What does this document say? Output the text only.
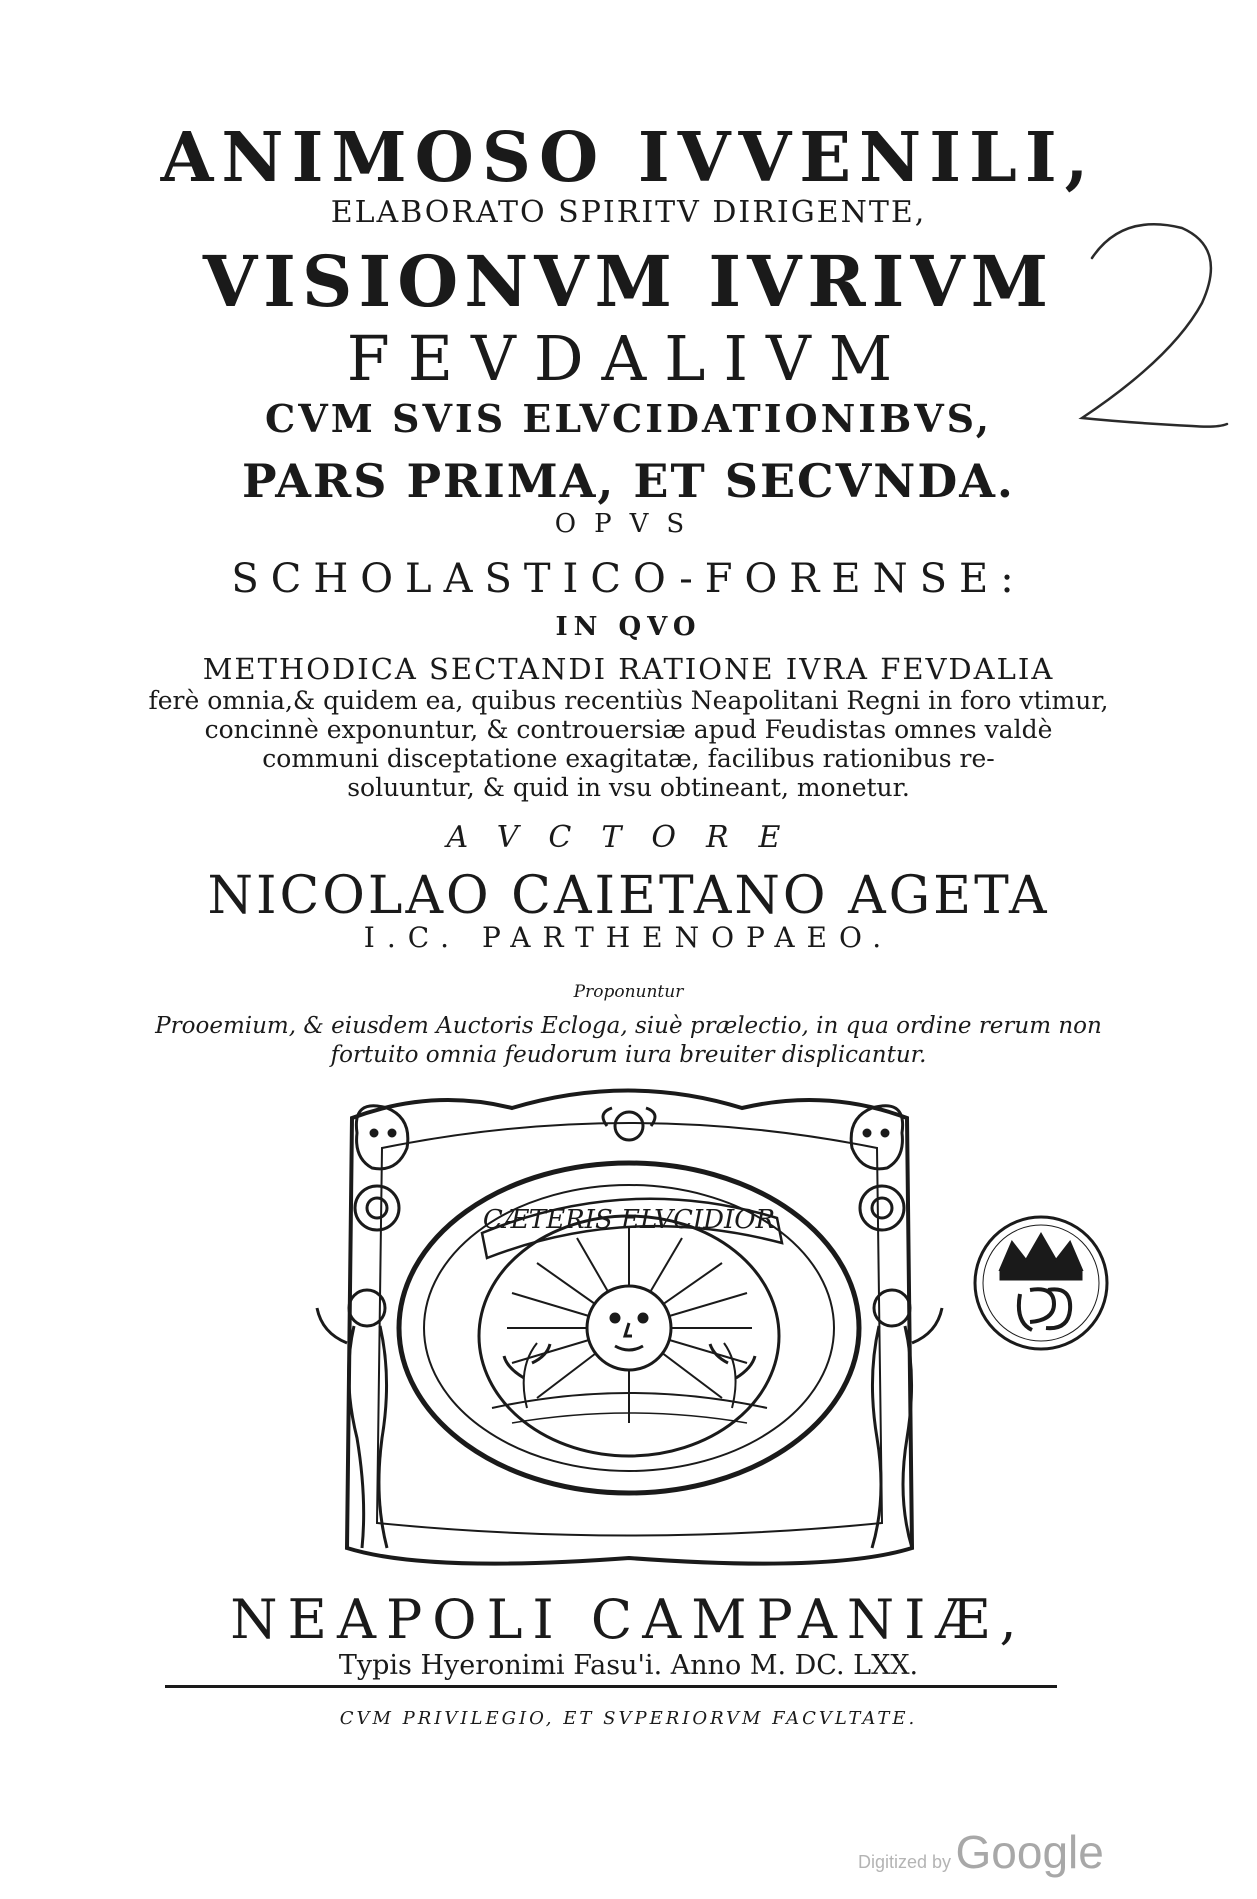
ANIMOSO IVVENILI,
ELABORATO SPIRITV DIRIGENTE,
VISIONVM IVRIVM
FEVDALIVM
CVM SVIS ELVCIDATIONIBVS,
PARS PRIMA, ET SECVNDA.
OPVS
SCHOLASTICO-FORENSE:
IN QVO
METHODICA SECTANDI RATIONE IVRA FEVDALIA
ferè omnia,& quidem ea, quibus recentiùs Neapolitani Regni in foro vtimur,
concinnè exponuntur, & controuersiæ apud Feudistas omnes valdè
communi disceptatione exagitatæ, facilibus rationibus re-
soluuntur, & quid in vsu obtineant, monetur.
AVCTORE
NICOLAO CAIETANO AGETA
I.C. PARTHENOPAEO.
Proponuntur
Prooemium, & eiusdem Auctoris Ecloga, siuè prælectio, in qua ordine rerum non
fortuito omnia feudorum iura breuiter displicantur.
CÆTERIS ELVCIDIOR
NEAPOLI CAMPANIÆ,
Typis Hyeronimi Fasu'i. Anno M. DC. LXX.
CVM PRIVILEGIO, ET SVPERIORVM FACVLTATE.
Digitized by Google
